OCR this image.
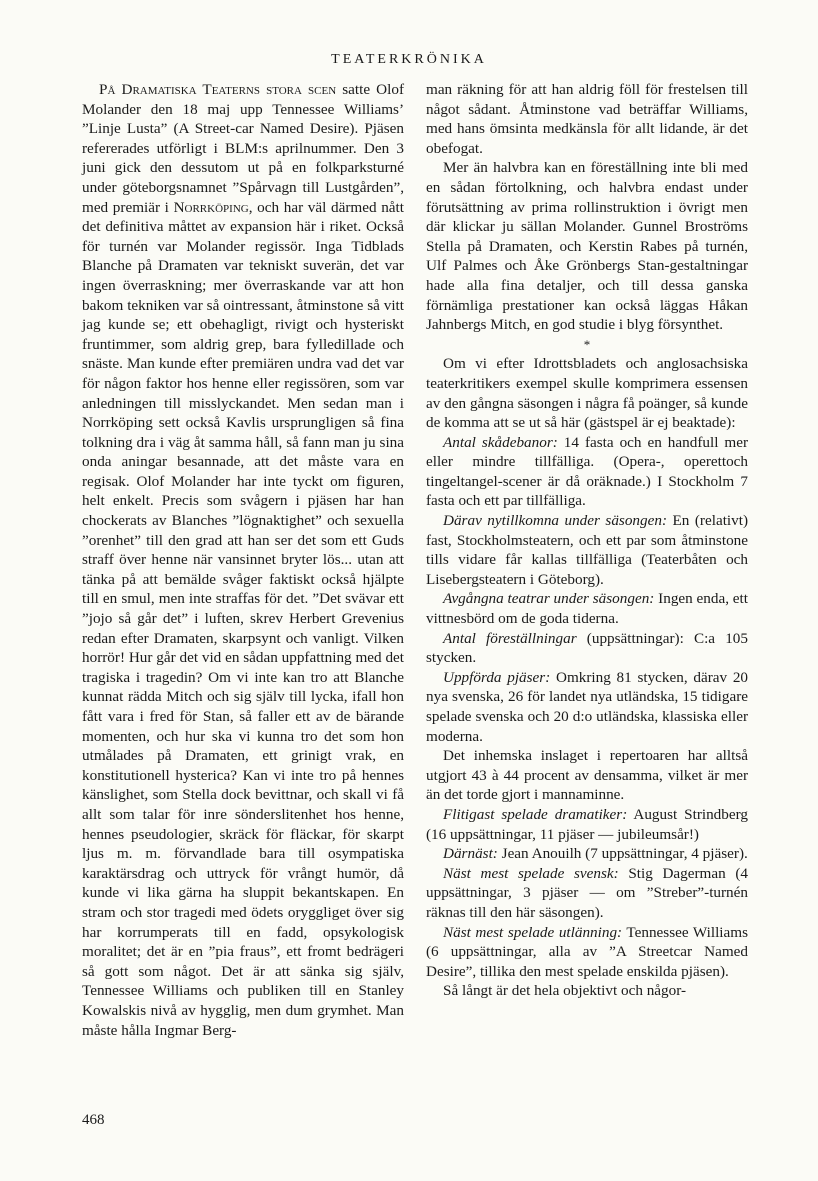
TEATERKRÖNIKA

På Dramatiska Teaterns stora scen satte Olof Molander den 18 maj upp Tennessee Williams’ ”Linje Lusta” (A Street-car Named Desire). Pjäsen refererades utförligt i BLM:s aprilnummer. Den 3 juni gick den dessutom ut på en folkparksturné under göteborgsnamnet ”Spårvagn till Lustgården”, med premiär i Norrköping, och har väl därmed nått det definitiva måttet av expansion här i riket. Också för turnén var Molander regissör. Inga Tidblads Blanche på Dramaten var tekniskt suverän, det var ingen överraskning; mer överraskande var att hon bakom tekniken var så ointressant, åtminstone så vitt jag kunde se; ett obehagligt, rivigt och hysteriskt fruntimmer, som aldrig grep, bara fylledillade och snäste. Man kunde efter premiären undra vad det var för någon faktor hos henne eller regissören, som var anledningen till misslyckandet. Men sedan man i Norrköping sett också Kavlis ursprungligen så fina tolkning dra i väg åt samma håll, så fann man ju sina onda aningar besannade, att det måste vara en regisak. Olof Molander har inte tyckt om figuren, helt enkelt. Precis som svågern i pjäsen har han chockerats av Blanches ”lögnaktighet” och sexuella ”orenhet” till den grad att han ser det som ett Guds straff över henne när vansinnet bryter lös... utan att tänka på att bemälde svåger faktiskt också hjälpte till en smul, men inte straffas för det. ”Det svävar ett ”jojo så går det” i luften, skrev Herbert Grevenius redan efter Dramaten, skarpsynt och vanligt. Vilken horrör! Hur går det vid en sådan uppfattning med det tragiska i tragedin? Om vi inte kan tro att Blanche kunnat rädda Mitch och sig själv till lycka, ifall hon fått vara i fred för Stan, så faller ett av de bärande momenten, och hur ska vi kunna tro det som hon utmålades på Dramaten, ett grinigt vrak, en konstitutionell hysterica? Kan vi inte tro på hennes känslighet, som Stella dock bevittnar, och skall vi få allt som talar för inre sönderslitenhet hos henne, hennes pseudologier, skräck för fläckar, för skarpt ljus m. m. förvandlade bara till osympatiska karaktärsdrag och uttryck för vrångt humör, då kunde vi lika gärna ha sluppit bekantskapen. En stram och stor tragedi med ödets oryggliget över sig har korrumperats till en fadd, opsykologisk moralitet; det är en ”pia fraus”, ett fromt bedrägeri så gott som något. Det är att sänka sig själv, Tennessee Williams och publiken till en Stanley Kowalskis nivå av hygglig, men dum grymhet. Man måste hålla Ingmar Berg-

man räkning för att han aldrig föll för frestelsen till något sådant. Åtminstone vad beträffar Williams, med hans ömsinta medkänsla för allt lidande, är det obefogat.

Mer än halvbra kan en föreställning inte bli med en sådan förtolkning, och halvbra endast under förutsättning av prima rollinstruktion i övrigt men där klickar ju sällan Molander. Gunnel Broströms Stella på Dramaten, och Kerstin Rabes på turnén, Ulf Palmes och Åke Grönbergs Stan-gestaltningar hade alla fina detaljer, och till dessa ganska förnämliga prestationer kan också läggas Håkan Jahnbergs Mitch, en god studie i blyg försynthet.

*

Om vi efter Idrottsbladets och anglosachsiska teaterkritikers exempel skulle komprimera essensen av den gångna säsongen i några få poänger, så kunde de komma att se ut så här (gästspel är ej beaktade):

Antal skådebanor: 14 fasta och en handfull mer eller mindre tillfälliga. (Opera-, operettoch tingeltangel-scener är då oräknade.) I Stockholm 7 fasta och ett par tillfälliga.

Därav nytillkomna under säsongen: En (relativt) fast, Stockholmsteatern, och ett par som åtminstone tills vidare får kallas tillfälliga (Teaterbåten och Lisebergsteatern i Göteborg).

Avgångna teatrar under säsongen: Ingen enda, ett vittnesbörd om de goda tiderna.

Antal föreställningar (uppsättningar): C:a 105 stycken.

Uppförda pjäser: Omkring 81 stycken, därav 20 nya svenska, 26 för landet nya utländska, 15 tidigare spelade svenska och 20 d:o utländska, klassiska eller moderna.

Det inhemska inslaget i repertoaren har alltså utgjort 43 à 44 procent av densamma, vilket är mer än det torde gjort i mannaminne.

Flitigast spelade dramatiker: August Strindberg (16 uppsättningar, 11 pjäser — jubileumsår!)

Därnäst: Jean Anouilh (7 uppsättningar, 4 pjäser).

Näst mest spelade svensk: Stig Dagerman (4 uppsättningar, 3 pjäser — om ”Streber”-turnén räknas till den här säsongen).

Näst mest spelade utlänning: Tennessee Williams (6 uppsättningar, alla av ”A Streetcar Named Desire”, tillika den mest spelade enskilda pjäsen).

Så långt är det hela objektivt och någor-

468
